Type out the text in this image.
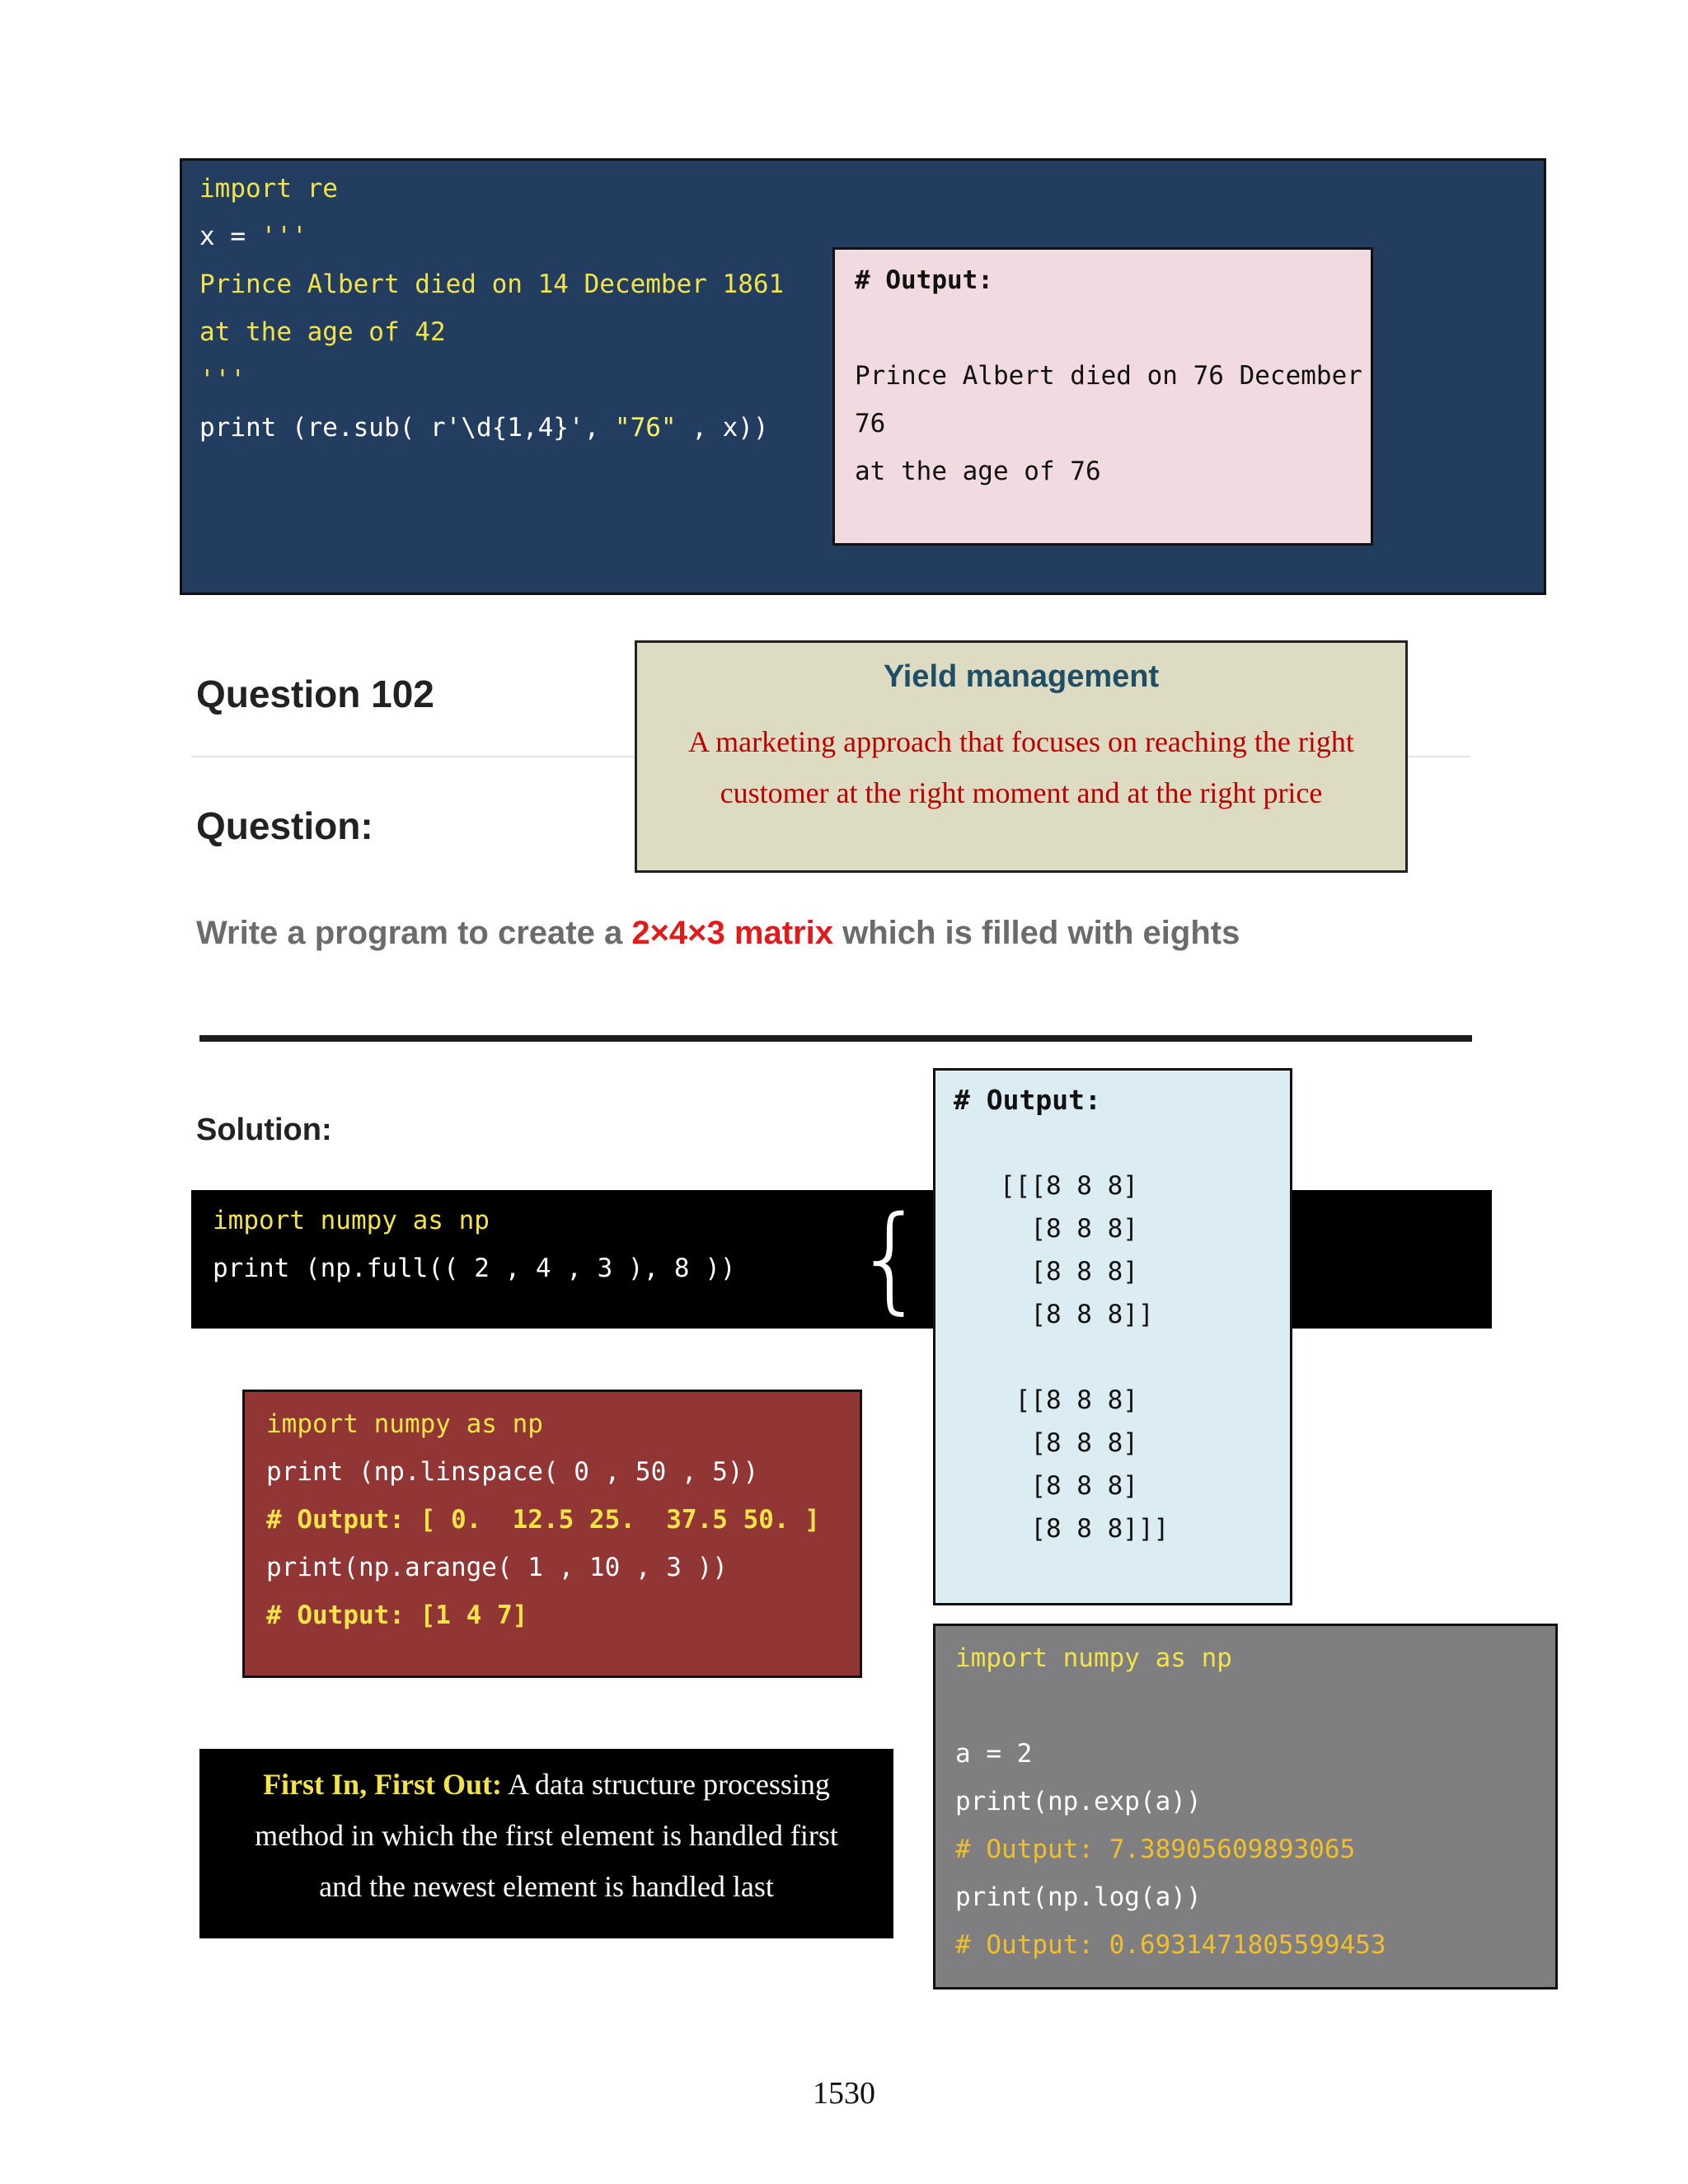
import re
x = '''
Prince Albert died on 14 December 1861
at the age of 42
'''
print (re.sub( r'\d{1,4}', "76" , x))
# Output:

Prince Albert died on 76 December
76
at the age of 76
Question 102
Question:
Yield management
A marketing approach that focuses on reaching the right
customer at the right moment and at the right price
Write a program to create a 2×4×3 matrix which is filled with eights
Solution:
import numpy as np
print (np.full(( 2 , 4 , 3 ), 8 )) {
# Output:

[[[8 8 8]
[8 8 8]
[8 8 8]
[8 8 8]]

[[8 8 8]
[8 8 8]
[8 8 8]
[8 8 8]]]
import numpy as np
print (np.linspace( 0 , 50 , 5))
# Output: [ 0.  12.5 25.  37.5 50. ]
print(np.arange( 1 , 10 , 3 ))
# Output: [1 4 7]
First In, First Out: A data structure processing
method in which the first element is handled first
and the newest element is handled last
import numpy as np

a = 2
print(np.exp(a))
# Output: 7.38905609893065
print(np.log(a))
# Output: 0.6931471805599453
1530
